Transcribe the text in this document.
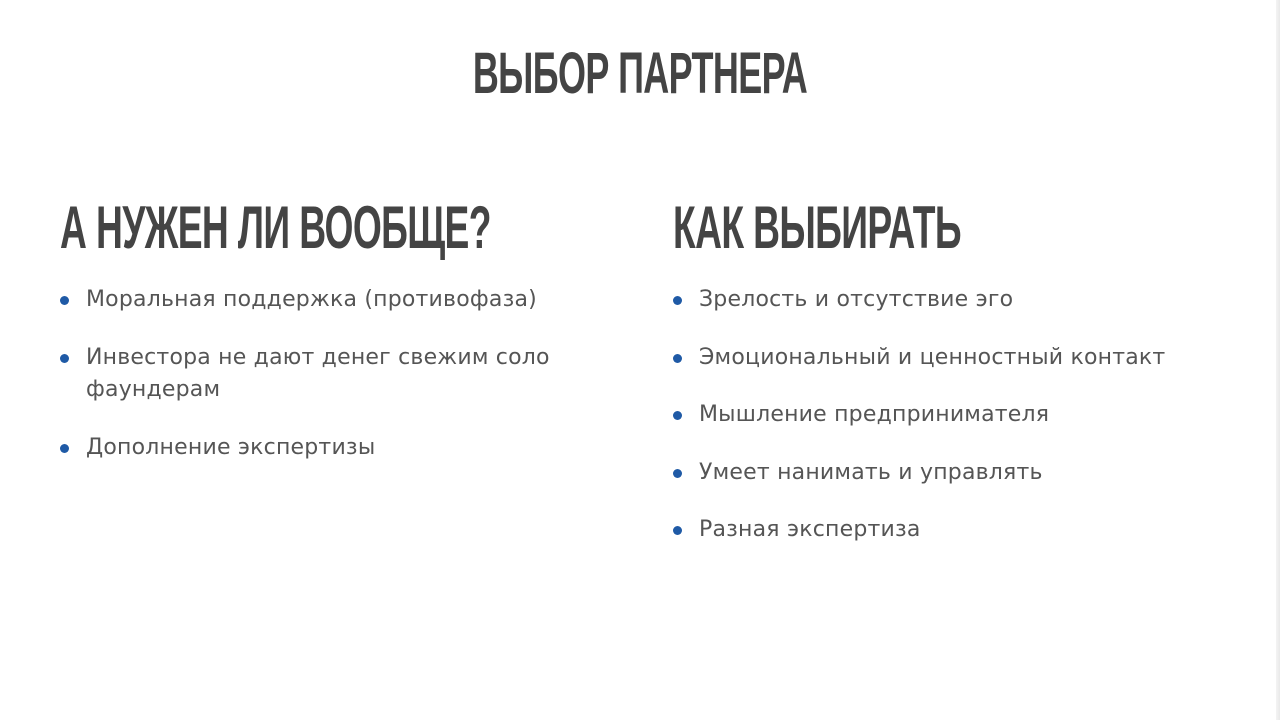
ВЫБОР ПАРТНЕРА
А НУЖЕН ЛИ ВООБЩЕ?
Моральная поддержка (противофаза)
Инвестора не дают денег свежим соло фаундерам
Дополнение экспертизы
КАК ВЫБИРАТЬ
Зрелость и отсутствие эго
Эмоциональный и ценностный контакт
Мышление предпринимателя
Умеет нанимать и управлять
Разная экспертиза
